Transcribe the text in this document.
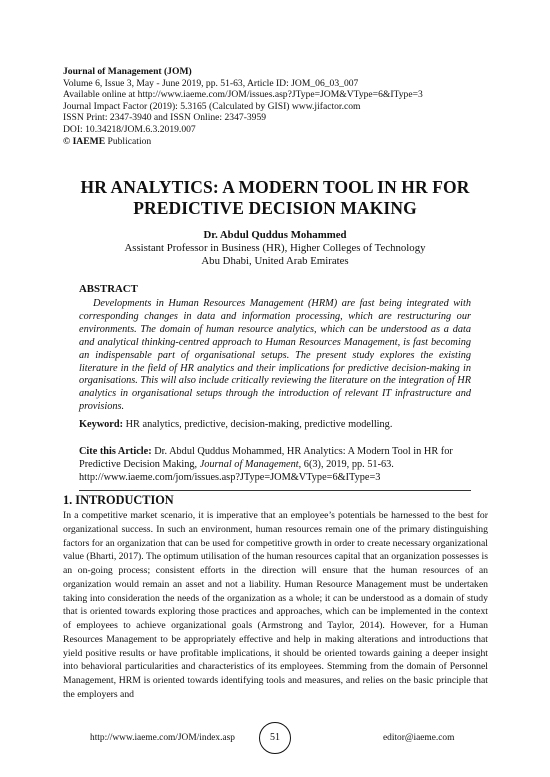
Journal of Management (JOM)
Volume 6, Issue 3, May - June 2019, pp. 51-63, Article ID: JOM_06_03_007
Available online at http://www.iaeme.com/JOM/issues.asp?JType=JOM&VType=6&IType=3
Journal Impact Factor (2019): 5.3165 (Calculated by GISI) www.jifactor.com
ISSN Print: 2347-3940 and ISSN Online: 2347-3959
DOI: 10.34218/JOM.6.3.2019.007
© IAEME Publication
HR ANALYTICS: A MODERN TOOL IN HR FOR
PREDICTIVE DECISION MAKING
Dr. Abdul Quddus Mohammed
Assistant Professor in Business (HR), Higher Colleges of Technology
Abu Dhabi, United Arab Emirates
ABSTRACT
Developments in Human Resources Management (HRM) are fast being integrated with corresponding changes in data and information processing, which are restructuring our environments. The domain of human resource analytics, which can be understood as a data and analytical thinking-centred approach to Human Resources Management, is fast becoming an indispensable part of organisational setups. The present study explores the existing literature in the field of HR analytics and their implications for predictive decision-making in organisations. This will also include critically reviewing the literature on the integration of HR analytics in organisational setups through the introduction of relevant IT infrastructure and provisions.
Keyword: HR analytics, predictive, decision-making, predictive modelling.
Cite this Article: Dr. Abdul Quddus Mohammed, HR Analytics: A Modern Tool in HR for Predictive Decision Making, Journal of Management, 6(3), 2019, pp. 51-63.
http://www.iaeme.com/jom/issues.asp?JType=JOM&VType=6&IType=3
1. INTRODUCTION
In a competitive market scenario, it is imperative that an employee’s potentials be harnessed to the best for organizational success. In such an environment, human resources remain one of the primary distinguishing factors for an organization that can be used for competitive growth in order to create necessary organizational value (Bharti, 2017). The optimum utilisation of the human resources capital that an organization possesses is an on-going process; consistent efforts in the direction will ensure that the human resources of an organization would remain an asset and not a liability. Human Resource Management must be undertaken taking into consideration the needs of the organization as a whole; it can be understood as a domain of study that is oriented towards exploring those practices and approaches, which can be implemented in the context of employees to achieve organizational goals (Armstrong and Taylor, 2014). However, for a Human Resources Management to be appropriately effective and help in making alterations and introductions that yield positive results or have profitable implications, it should be oriented towards gaining a deeper insight into behavioral particularities and characteristics of its employees. Stemming from the domain of Personnel Management, HRM is oriented towards identifying tools and measures, and relies on the basic principle that the employers and
http://www.iaeme.com/JOM/index.asp	51	editor@iaeme.com
